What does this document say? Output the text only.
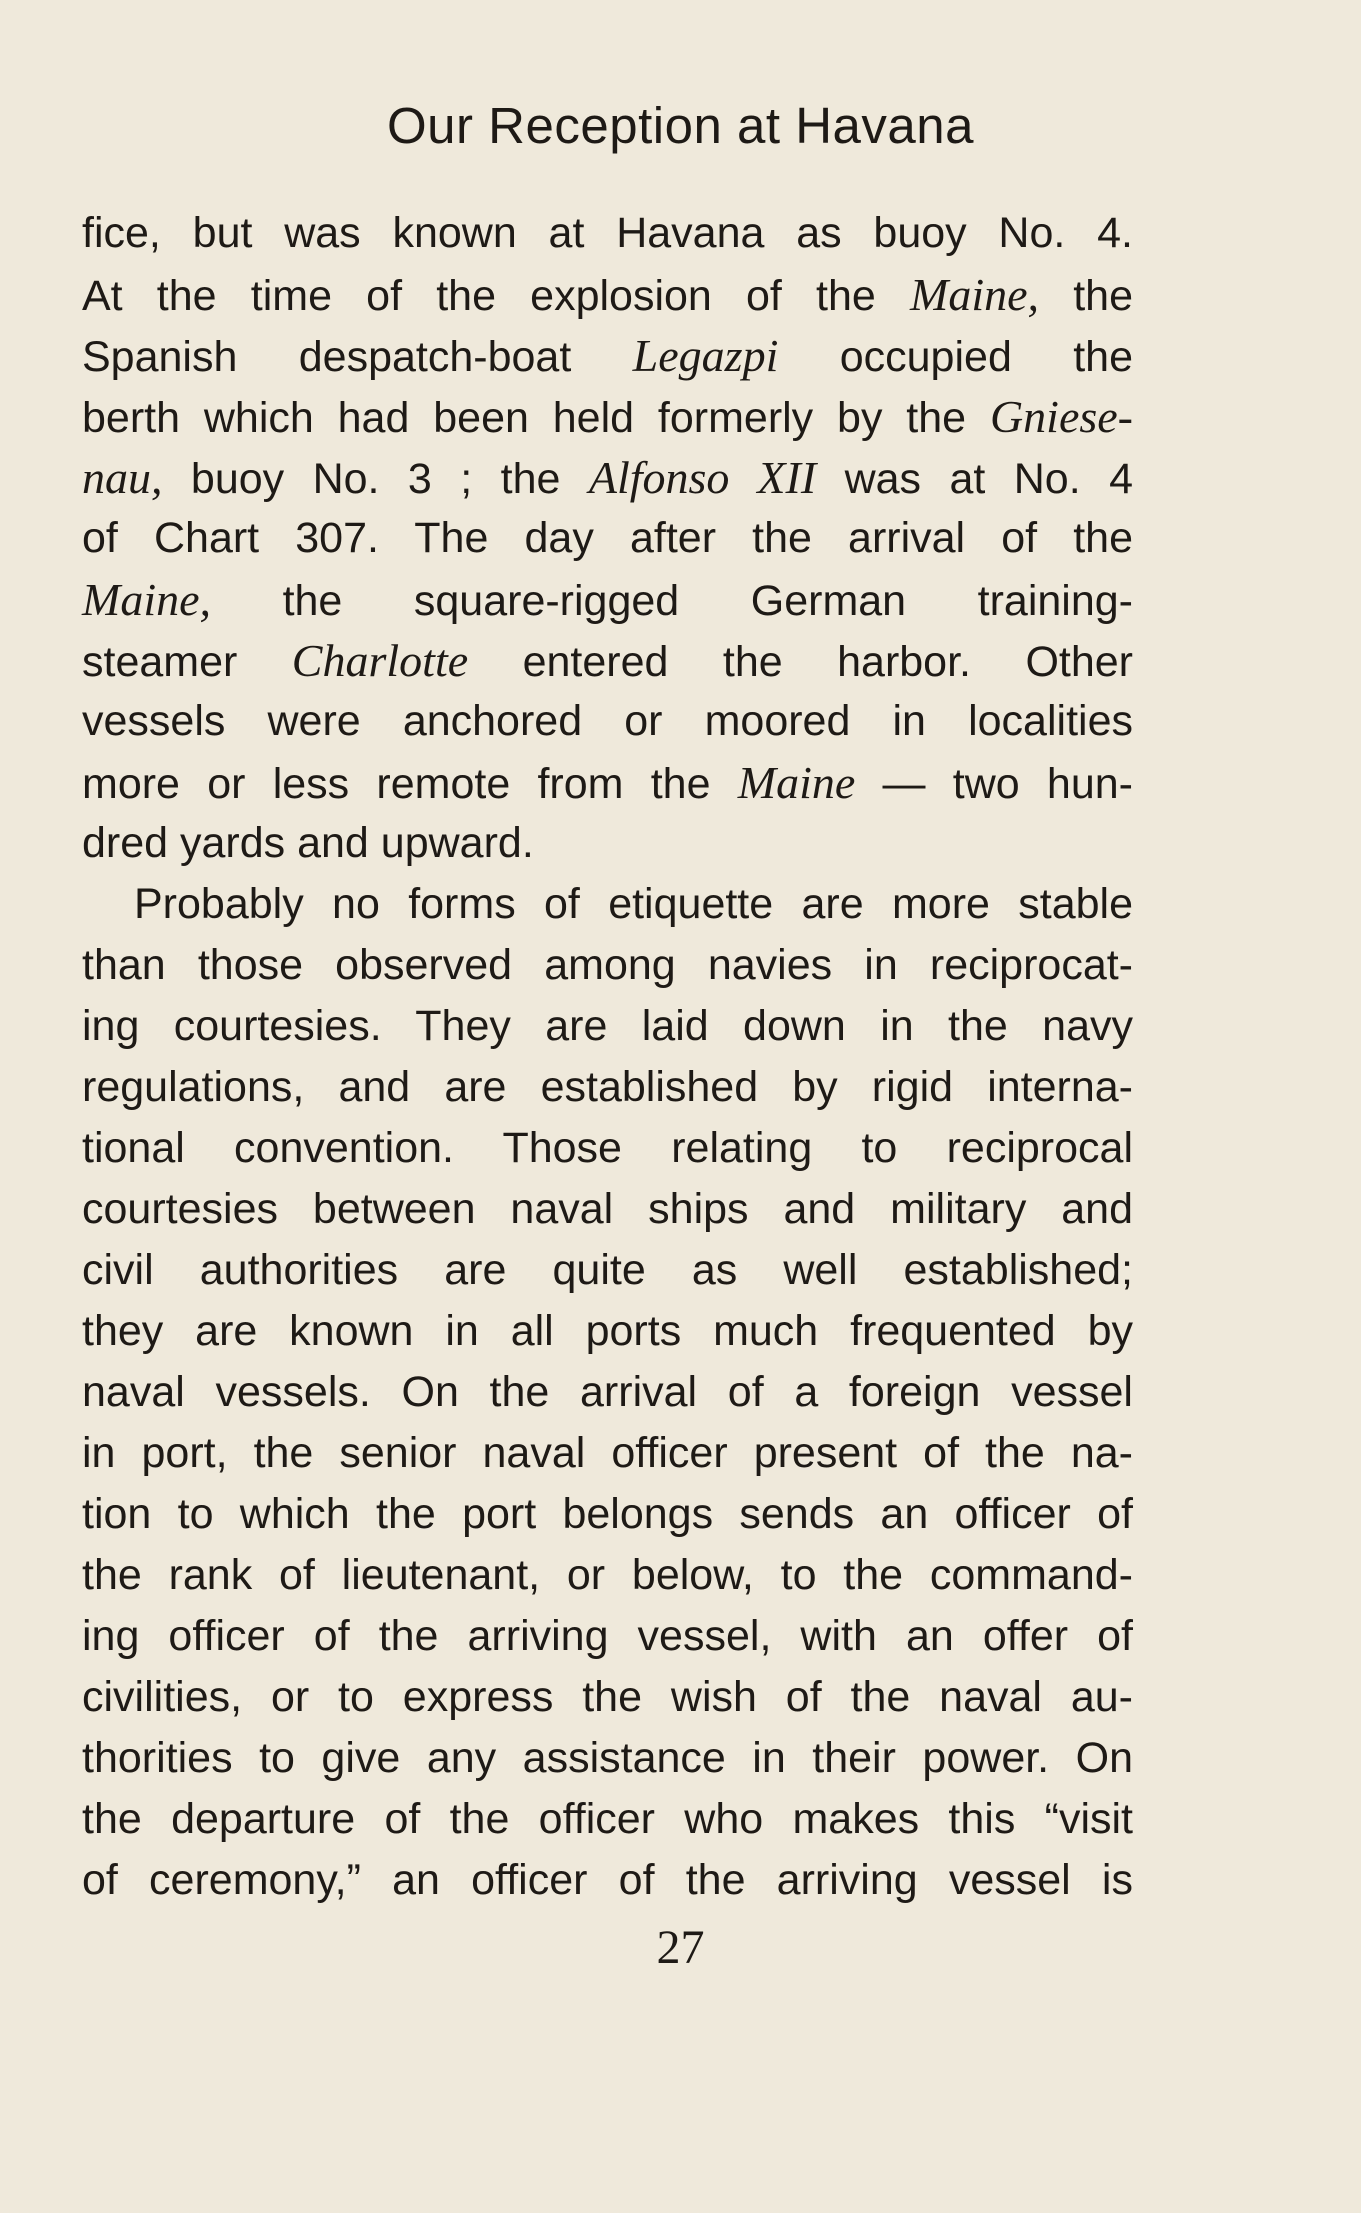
Our Reception at Havana
fice, but was known at Havana as buoy No. 4.
At the time of the explosion of the Maine, the
Spanish despatch-boat Legazpi occupied the
berth which had been held formerly by the Gniese-
nau, buoy No. 3 ; the Alfonso XII was at No. 4
of Chart 307. The day after the arrival of the
Maine, the square-rigged German training-
steamer Charlotte entered the harbor. Other
vessels were anchored or moored in localities
more or less remote from the Maine — two hun-
dred yards and upward.
Probably no forms of etiquette are more stable
than those observed among navies in reciprocat-
ing courtesies. They are laid down in the navy
regulations, and are established by rigid interna-
tional convention. Those relating to reciprocal
courtesies between naval ships and military and
civil authorities are quite as well established;
they are known in all ports much frequented by
naval vessels. On the arrival of a foreign vessel
in port, the senior naval officer present of the na-
tion to which the port belongs sends an officer of
the rank of lieutenant, or below, to the command-
ing officer of the arriving vessel, with an offer of
civilities, or to express the wish of the naval au-
thorities to give any assistance in their power. On
the departure of the officer who makes this “visit
of ceremony,” an officer of the arriving vessel is
27
